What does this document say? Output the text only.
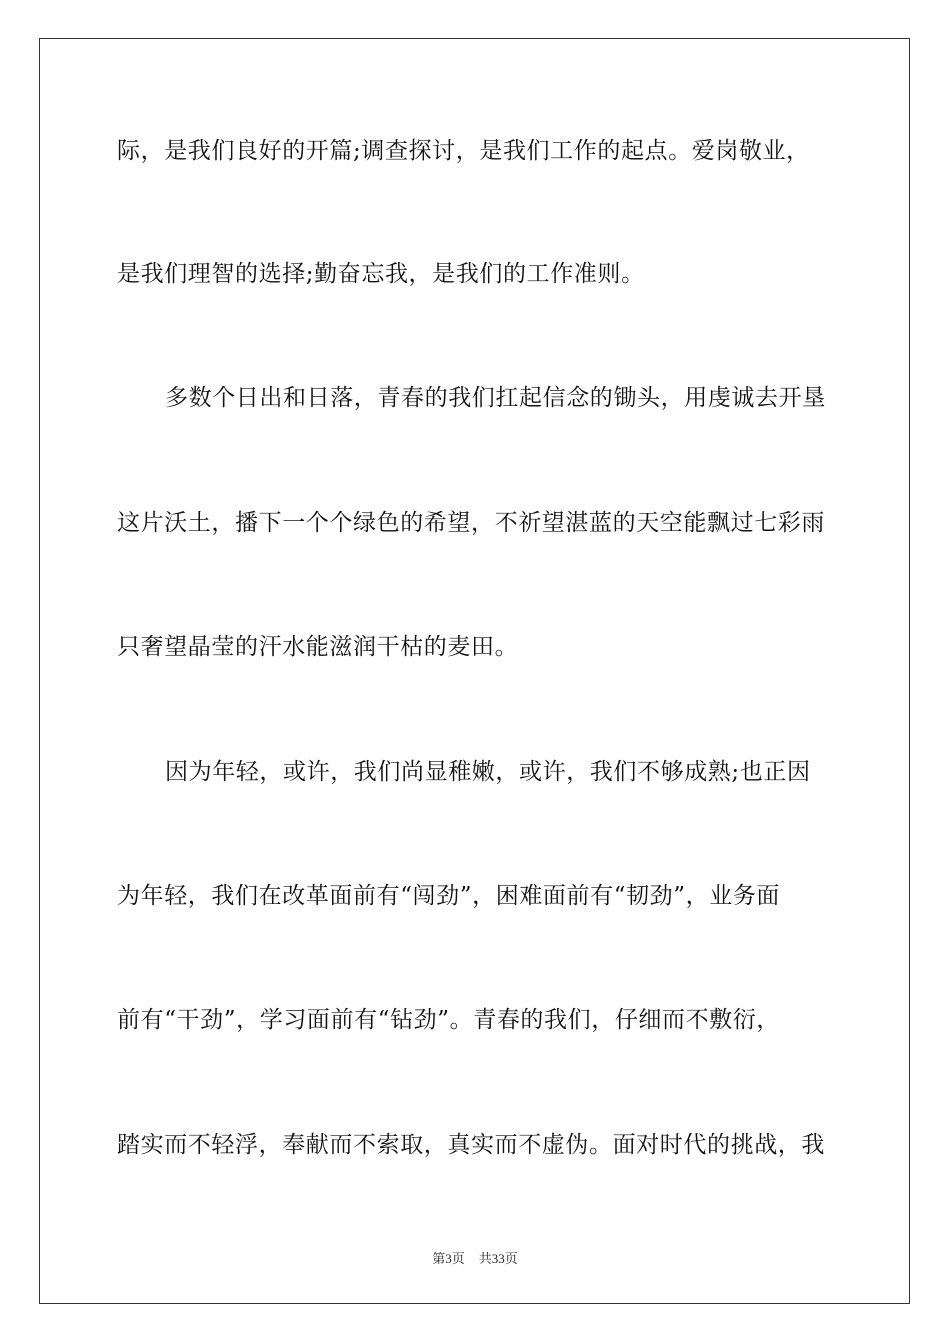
际，是我们良好的开篇;调查探讨，是我们工作的起点。爱岗敬业，
是我们理智的选择;勤奋忘我，是我们的工作准则。
多数个日出和日落，青春的我们扛起信念的锄头，用虔诚去开垦
这片沃土，播下一个个绿色的希望，不祈望湛蓝的天空能飘过七彩雨
只奢望晶莹的汗水能滋润干枯的麦田。
因为年轻，或许，我们尚显稚嫩，或许，我们不够成熟;也正因
为年轻，我们在改革面前有“闯劲”，困难面前有“韧劲”，业务面
前有“干劲”，学习面前有“钻劲”。青春的我们，仔细而不敷衍，
踏实而不轻浮，奉献而不索取，真实而不虚伪。面对时代的挑战，我
第3页 共33页
